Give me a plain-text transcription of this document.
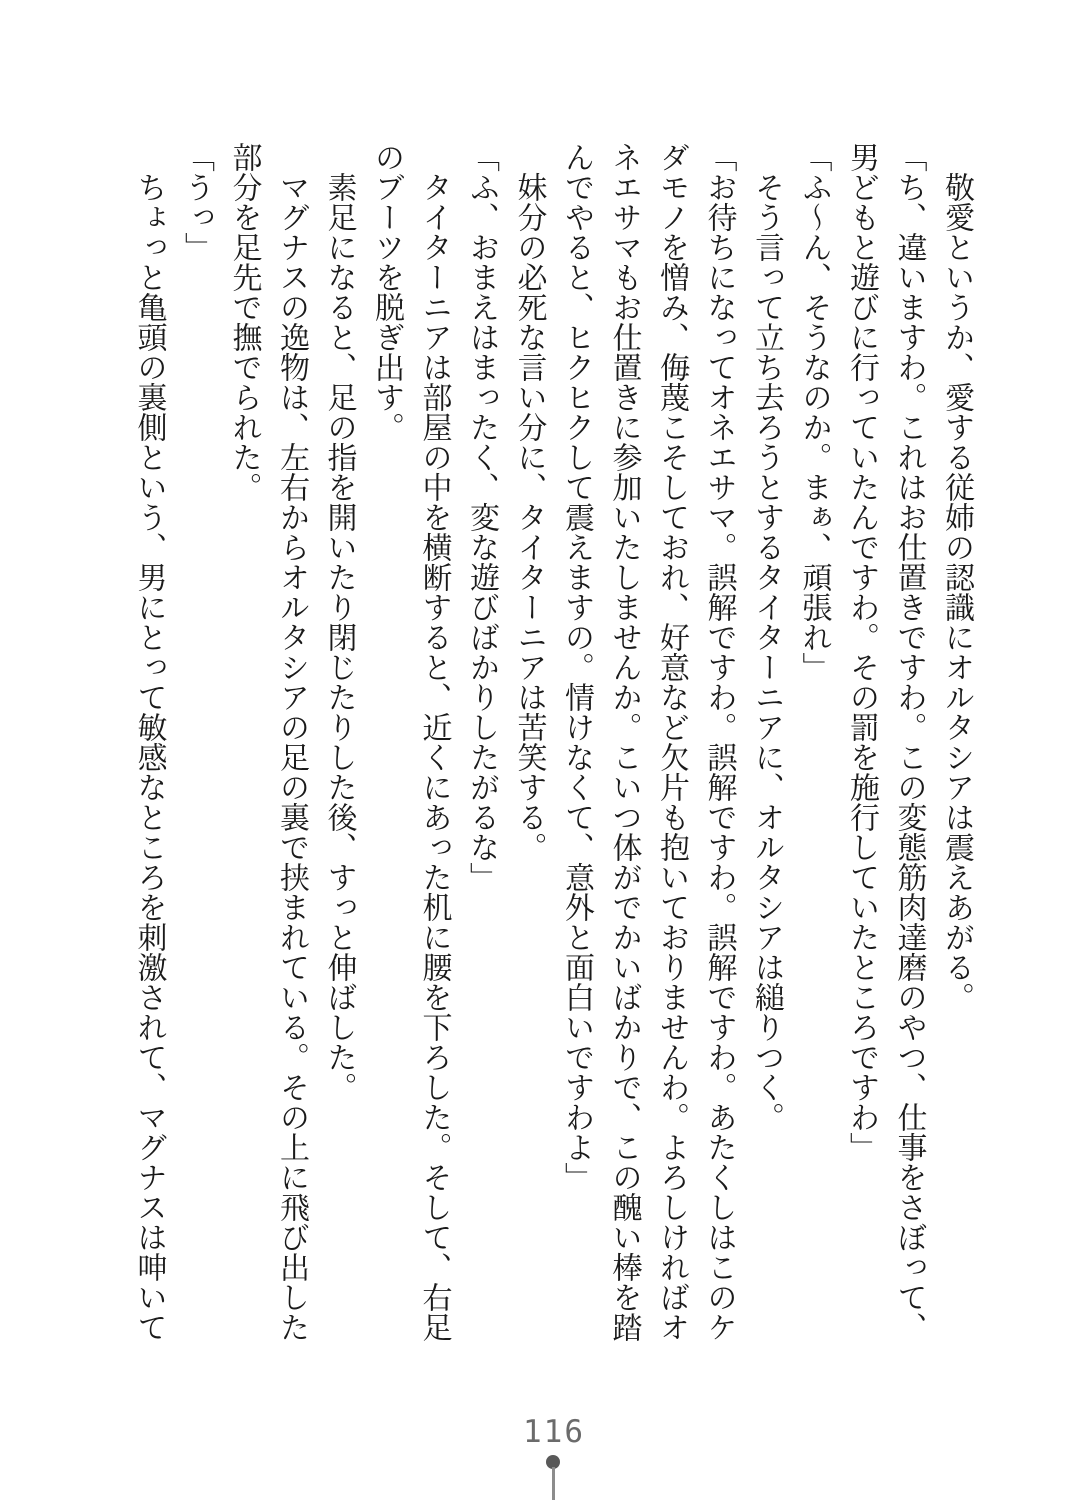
　敬愛というか、愛する従姉の認識にオルタシアは震えあがる。

「ち、違いますわ。これはお仕置きですわ。この変態筋肉達磨のやつ、仕事をさぼって、男どもと遊びに行っていたんですわ。その罰を施行していたところですわ」

「ふ〜ん、そうなのか。まぁ、頑張れ」

　そう言って立ち去ろうとするタイターニアに、オルタシアは縋りつく。

「お待ちになってオネエサマ。誤解ですわ。誤解ですわ。誤解ですわ。あたくしはこのケダモノを憎み、侮蔑こそしておれ、好意など欠片も抱いておりませんわ。よろしければオネエサマもお仕置きに参加いたしませんか。こいつ体がでかいばかりで、この醜い棒を踏んでやると、ヒクヒクして震えますの。情けなくて、意外と面白いですわよ」

　妹分の必死な言い分に、タイターニアは苦笑する。

「ふ、おまえはまったく、変な遊びばかりしたがるな」

　タイターニアは部屋の中を横断すると、近くにあった机に腰を下ろした。そして、右足のブーツを脱ぎ出す。

　素足になると、足の指を開いたり閉じたりした後、すっと伸ばした。

　マグナスの逸物は、左右からオルタシアの足の裏で挟まれている。その上に飛び出した部分を足先で撫でられた。

「うっ」

　ちょっと亀頭の裏側という、男にとって敏感なところを刺激されて、マグナスは呻いて

116
